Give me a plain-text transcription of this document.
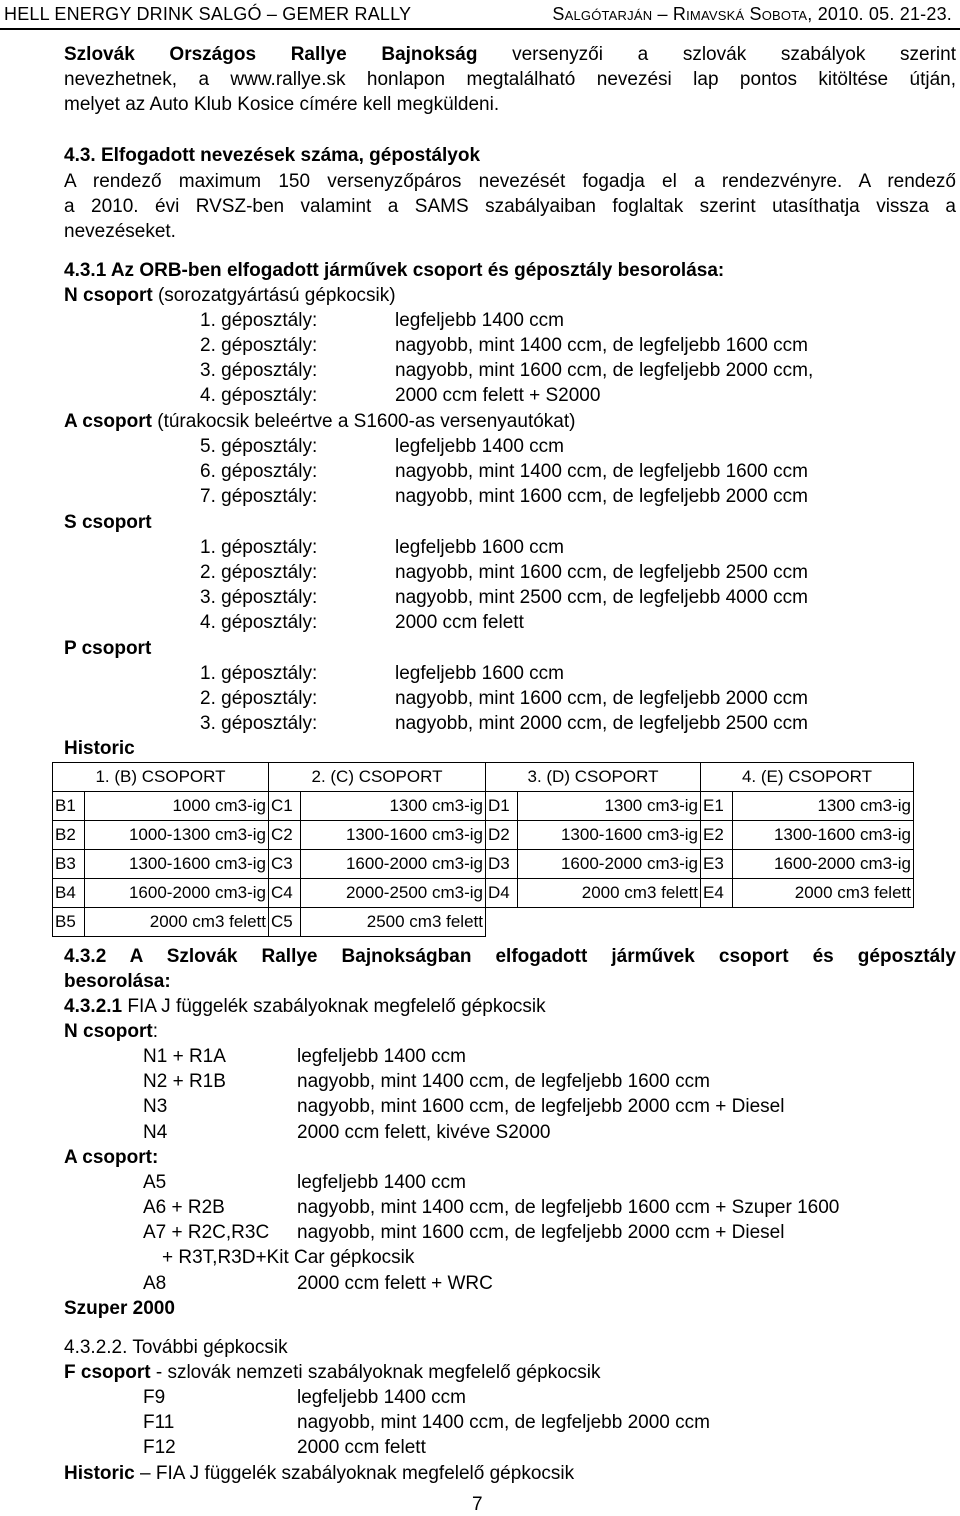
HELL ENERGY DRINK SALGÓ – GEMER RALLY	Salgótarján – Rimavská Sobota, 2010. 05. 21-23.
Szlovák Országos Rallye Bajnokság versenyzői a szlovák szabályok szerint
nevezhetnek, a www.rallye.sk honlapon megtalálható nevezési lap pontos kitöltése útján,
melyet az Auto Klub Kosice címére kell megküldeni.
4.3. Elfogadott nevezések száma, gépostályok
A rendező maximum 150 versenyzőpáros nevezését fogadja el a rendezvényre. A rendező
a 2010. évi RVSZ-ben valamint a SAMS szabályaiban foglaltak szerint utasíthatja vissza a
nevezéseket.
4.3.1 Az ORB-ben elfogadott járművek csoport és géposztály besorolása:
N csoport (sorozatgyártású gépkocsik)
1. géposztály:	legfeljebb 1400 ccm
2. géposztály:	nagyobb, mint 1400 ccm, de legfeljebb 1600 ccm
3. géposztály:	nagyobb, mint 1600 ccm, de legfeljebb 2000 ccm,
4. géposztály:	2000 ccm felett + S2000
A csoport (túrakocsik beleértve a S1600-as versenyautókat)
5. géposztály:	legfeljebb 1400 ccm
6. géposztály:	nagyobb, mint 1400 ccm, de legfeljebb 1600 ccm
7. géposztály:	nagyobb, mint 1600 ccm, de legfeljebb 2000 ccm
S csoport
1. géposztály:	legfeljebb 1600 ccm
2. géposztály:	nagyobb, mint 1600 ccm, de legfeljebb 2500 ccm
3. géposztály:	nagyobb, mint 2500 ccm, de legfeljebb 4000 ccm
4. géposztály:	2000 ccm felett
P csoport
1. géposztály:	legfeljebb 1600 ccm
2. géposztály:	nagyobb, mint 1600 ccm, de legfeljebb 2000 ccm
3. géposztály:	nagyobb, mint 2000 ccm, de legfeljebb 2500 ccm
Historic
1. (B) CSOPORT		2. (C) CSOPORT		3. (D) CSOPORT		4. (E) CSOPORT	
B1	1000 cm3-ig	C1	1300 cm3-ig	D1	1300 cm3-ig	E1	1300 cm3-ig
B2	1000-1300 cm3-ig	C2	1300-1600 cm3-ig	D2	1300-1600 cm3-ig	E2	1300-1600 cm3-ig
B3	1300-1600 cm3-ig	C3	1600-2000 cm3-ig	D3	1600-2000 cm3-ig	E3	1600-2000 cm3-ig
B4	1600-2000 cm3-ig	C4	2000-2500 cm3-ig	D4	2000 cm3 felett	E4	2000 cm3 felett
B5	2000 cm3 felett	C5	2500 cm3 felett				
4.3.2 A Szlovák Rallye Bajnokságban elfogadott járművek csoport és géposztály
besorolása:
4.3.2.1 FIA J függelék szabályoknak megfelelő gépkocsik
N csoport:
N1 + R1A	legfeljebb 1400 ccm
N2 + R1B	nagyobb, mint 1400 ccm, de legfeljebb 1600 ccm
N3	nagyobb, mint 1600 ccm, de legfeljebb 2000 ccm + Diesel
N4	2000 ccm felett, kivéve S2000
A csoport:
A5	legfeljebb 1400 ccm
A6 + R2B	nagyobb, mint 1400 ccm, de legfeljebb 1600 ccm + Szuper 1600
A7 + R2C,R3C nagyobb, mint 1600 ccm, de legfeljebb 2000 ccm + Diesel
+ R3T,R3D+Kit Car gépkocsik
A8	2000 ccm felett + WRC
Szuper 2000
4.3.2.2. További gépkocsik
F csoport - szlovák nemzeti szabályoknak megfelelő gépkocsik
F9	legfeljebb 1400 ccm
F11	nagyobb, mint 1400 ccm, de legfeljebb 2000 ccm
F12	2000 ccm felett
Historic – FIA J függelék szabályoknak megfelelő gépkocsik
7
